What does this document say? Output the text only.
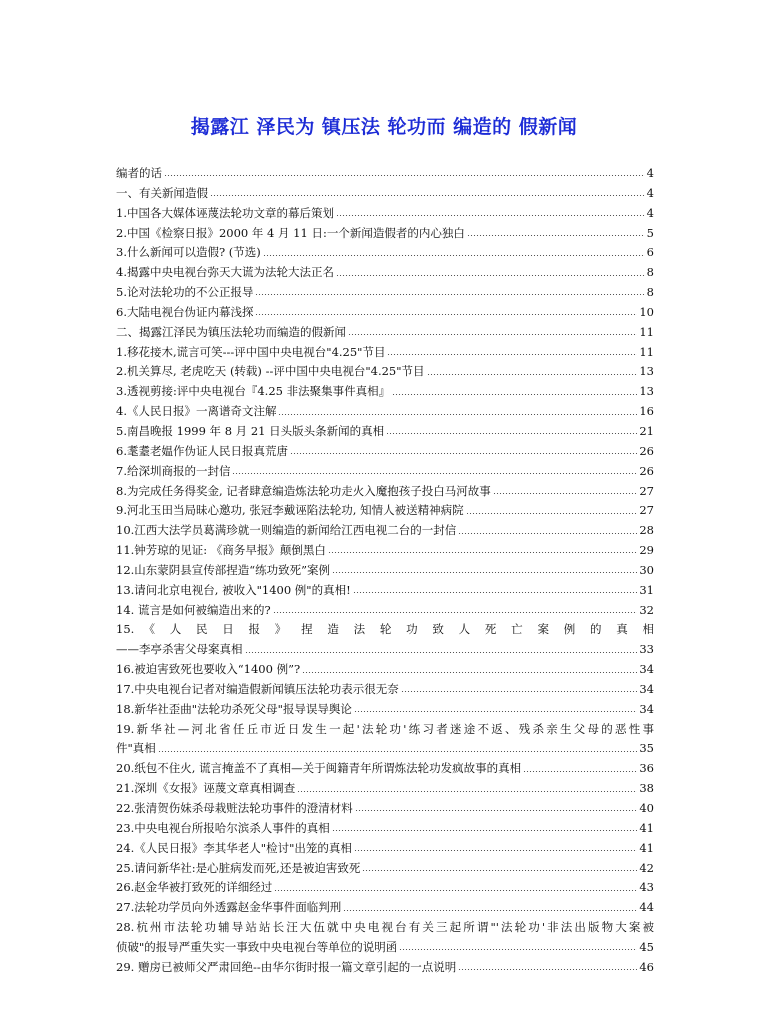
揭露江 泽民为 镇压法 轮功而 编造的 假新闻
编者的话	4
一、有关新闻造假	4
1.中国各大媒体诬蔑法轮功文章的幕后策划	4
2.中国《检察日报》2000 年 4 月 11 日:一个新闻造假者的内心独白	5
3.什么新闻可以造假? (节选)	6
4.揭露中央电视台弥天大谎为法轮大法正名	8
5.论对法轮功的不公正报导	8
6.大陆电视台伪证内幕浅探	10
二、揭露江泽民为镇压法轮功而编造的假新闻	11
1.移花接木,谎言可笑---评中国中央电视台"4.25"节目	11
2.机关算尽, 老虎吃天 (转载) --评中国中央电视台"4.25"节目	13
3.透视剪接:评中央电视台『4.25 非法聚集事件真相』	13
4.《人民日报》一离谱奇文注解	16
5.南昌晚报 1999 年 8 月 21 日头版头条新闻的真相	21
6.耄耋老媪作伪证人民日报真荒唐	26
7.给深圳商报的一封信	26
8.为完成任务得奖金, 记者肆意编造炼法轮功走火入魔抱孩子投白马河故事	27
9.河北玉田当局昧心邀功, 张冠李戴诬陷法轮功, 知情人被送精神病院	27
10.江西大法学员葛满珍就一则编造的新闻给江西电视二台的一封信	28
11.钟芳琼的见证: 《商务早报》颠倒黑白	29
12.山东蒙阴县宣传部捏造“练功致死”案例	30
13.请问北京电视台, 被收入"1400 例"的真相!	31
14. 谎言是如何被编造出来的?	32
15. 《 人 民 日 报 》 捏 造 法 轮 功 致 人 死 亡 案 例 的 真 相
——李亭杀害父母案真相	33
16.被迫害致死也要收入“1400 例”?	34
17.中央电视台记者对编造假新闻镇压法轮功表示很无奈	34
18.新华社歪曲"法轮功杀死父母"报导误导舆论	34
19.新华社—河北省任丘市近日发生一起'法轮功'练习者迷途不返、残杀亲生父母的恶性事
件"真相	35
20.纸包不住火, 谎言掩盖不了真相—关于闽籍青年所谓炼法轮功发疯故事的真相	36
21.深圳《女报》诬蔑文章真相调查	38
22.张清贺伤妹杀母栽赃法轮功事件的澄清材料	40
23.中央电视台所报哈尔滨杀人事件的真相	41
24.《人民日报》李其华老人"检讨"出笼的真相	41
25.请问新华社:是心脏病发而死,还是被迫害致死	42
26.赵金华被打致死的详细经过	43
27.法轮功学员向外透露赵金华事件面临判刑	44
28.杭州市法轮功辅导站站长汪大伍就中央电视台有关三起所谓"'法轮功'非法出版物大案被
侦破"的报导严重失实一事致中央电视台等单位的说明函	45
29. 赠房已被师父严肃回绝--由华尔街时报一篇文章引起的一点说明	46
